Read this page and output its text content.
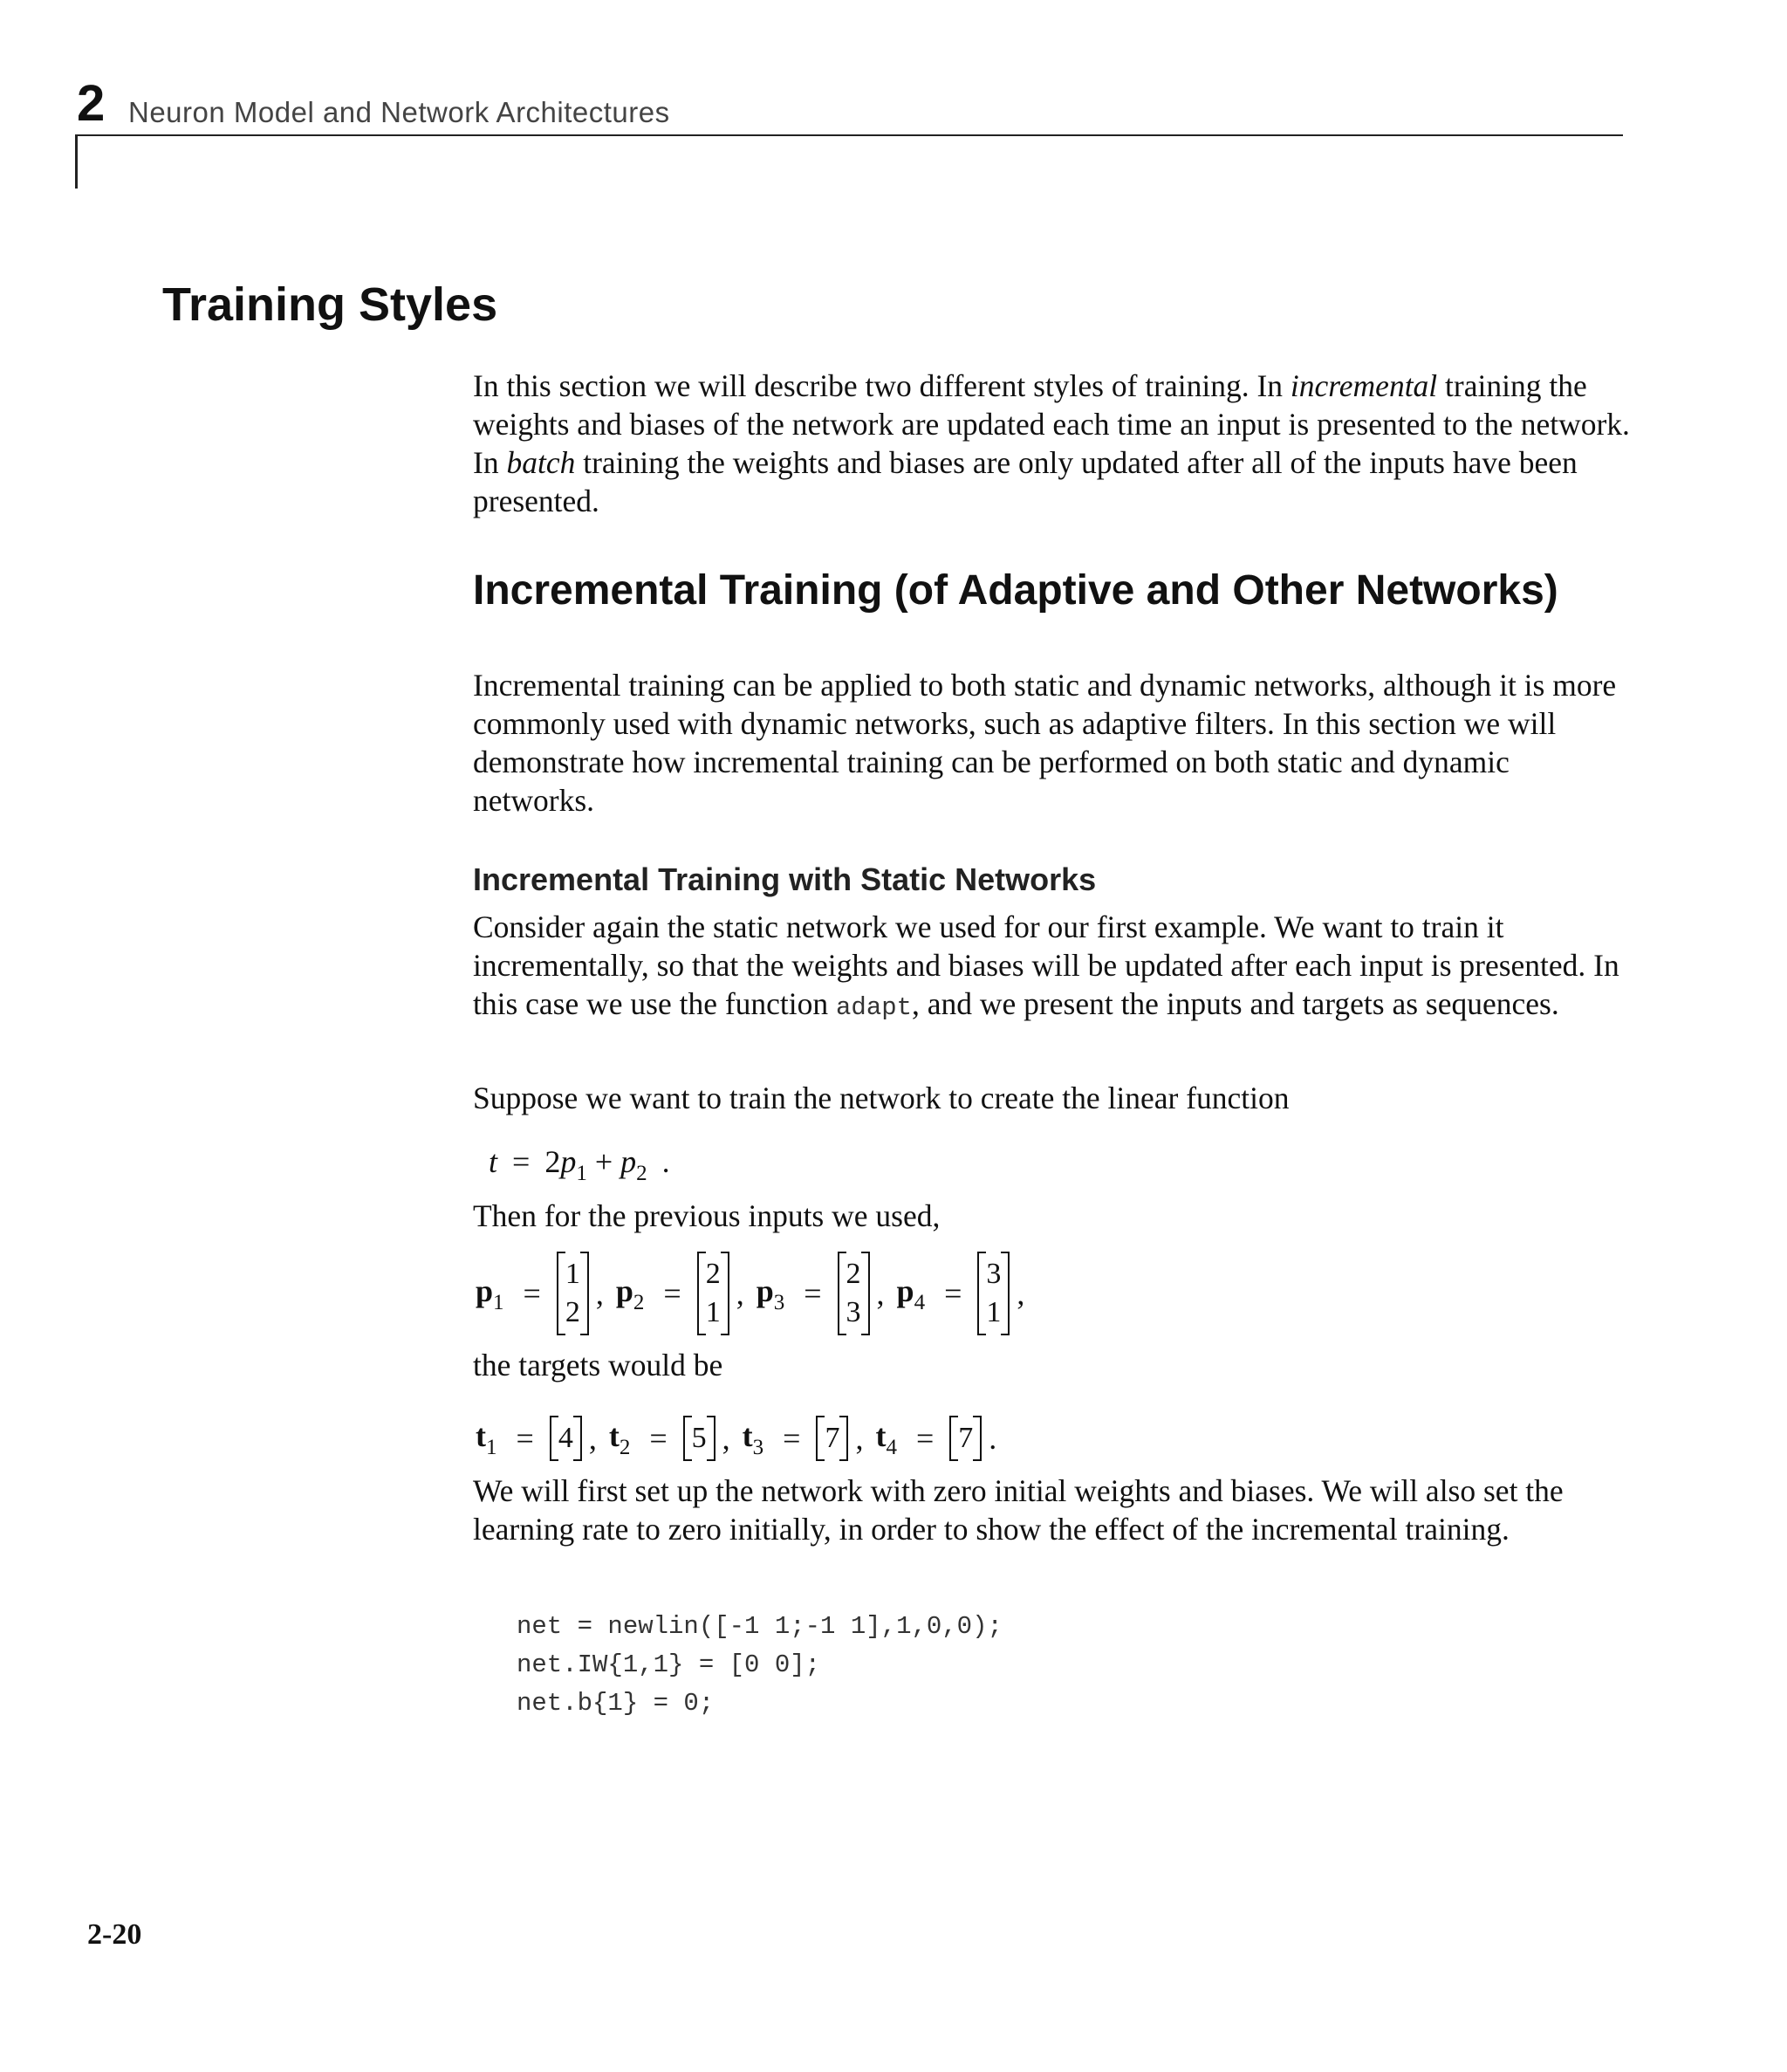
2 Neuron Model and Network Architectures
Training Styles

In this section we will describe two different styles of training. In incremental training the weights and biases of the network are updated each time an input is presented to the network. In batch training the weights and biases are only updated after all of the inputs have been presented.

Incremental Training (of Adaptive and Other Networks)

Incremental training can be applied to both static and dynamic networks, although it is more commonly used with dynamic networks, such as adaptive filters. In this section we will demonstrate how incremental training can be performed on both static and dynamic networks.

Incremental Training with Static Networks

Consider again the static network we used for our first example. We want to train it incrementally, so that the weights and biases will be updated after each input is presented. In this case we use the function adapt, and we present the inputs and targets as sequences.

Suppose we want to train the network to create the linear function

$t = 2p_1 + p_2$ .

Then for the previous inputs we used,

$p_1$ =
1
2
, $p_2$ =
2
1
, $p_3$ =
2
3
, $p_4$ =
3
1
,

the targets would be

$t_1 = 4$ , $t_2 = 5$ , $t_3 = 7$ , $t_4 = 7$ .

We will first set up the network with zero initial weights and biases. We will also set the learning rate to zero initially, in order to show the effect of the incremental training.

net = newlin([-1 1;-1 1],1,0,0);
net.IW{1,1} = [0 0];
net.b{1} = 0;
2-20
